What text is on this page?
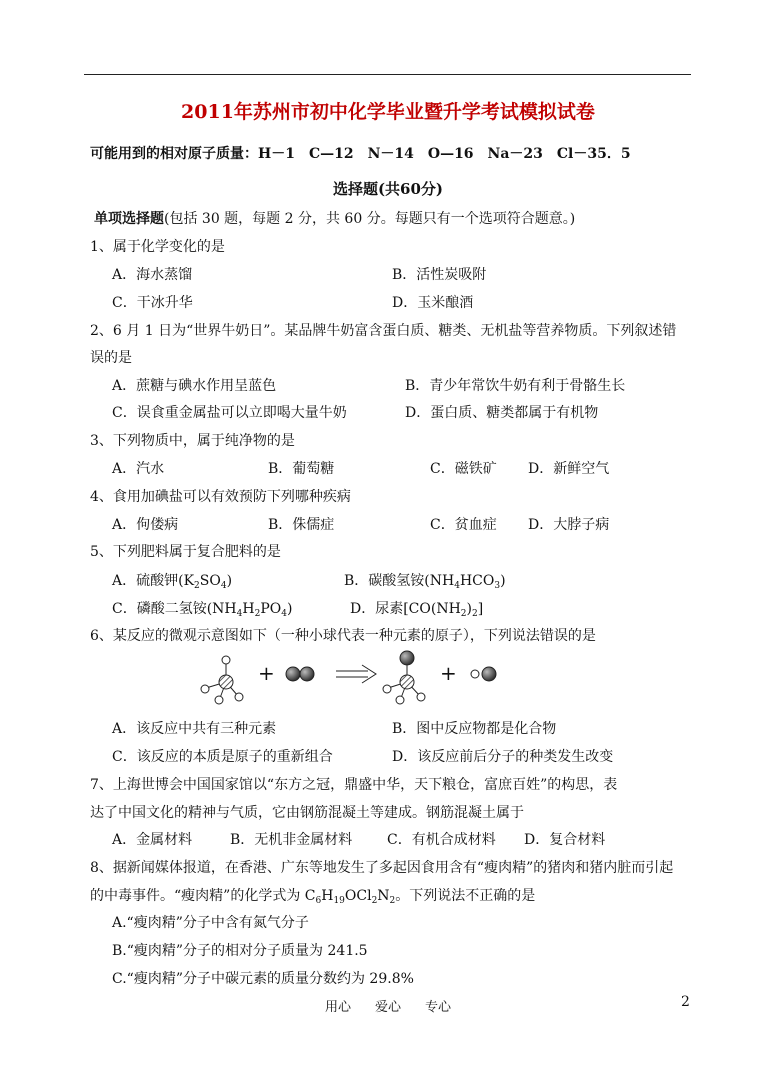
2011年苏州市初中化学毕业暨升学考试模拟试卷
可能用到的相对原子质量：H－1　C—12　N－14　O—16　Na－23　Cl－35．5
选择题(共60分)
单项选择题(包括 30 题，每题 2 分，共 60 分。每题只有一个选项符合题意。)
1、属于化学变化的是
A．海水蒸馏	B．活性炭吸附
C．干冰升华	D．玉米酿酒
2、6 月 1 日为“世界牛奶日”。某品牌牛奶富含蛋白质、糖类、无机盐等营养物质。下列叙述错
误的是
A．蔗糖与碘水作用呈蓝色	B．青少年常饮牛奶有利于骨骼生长
C．误食重金属盐可以立即喝大量牛奶	D．蛋白质、糖类都属于有机物
3、下列物质中，属于纯净物的是
A．汽水	B．葡萄糖	C．磁铁矿 D．新鲜空气
4、食用加碘盐可以有效预防下列哪种疾病
A．佝偻病	B．侏儒症	C．贫血症 D．大脖子病
5、下列肥料属于复合肥料的是
A．硫酸钾$(K_2SO_4)$	B．碳酸氢铵$(NH_4HCO_3)$
C．磷酸二氢铵$(NH_4H_2PO_4)$	D．尿素$[CO(NH_2)_2]$
6、某反应的微观示意图如下（一种小球代表一种元素的原子），下列说法错误的是
+	+
A．该反应中共有三种元素	B．图中反应物都是化合物
C．该反应的本质是原子的重新组合	D．该反应前后分子的种类发生改变
7、上海世博会中国国家馆以“东方之冠，鼎盛中华，天下粮仓，富庶百姓”的构思，表
达了中国文化的精神与气质，它由钢筋混凝土等建成。钢筋混凝土属于
A．金属材料	B．无机非金属材料 C．有机合成材料 D．复合材料
8、据新闻媒体报道，在香港、广东等地发生了多起因食用含有“瘦肉精”的猪肉和猪内脏而引起
的中毒事件。“瘦肉精”的化学式为 $C_6H_{19}OCl_2N_2$。下列说法不正确的是
A.“瘦肉精”分子中含有氮气分子
B.“瘦肉精”分子的相对分子质量为 241.5
C.“瘦肉精”分子中碳元素的质量分数约为 29.8%
用心 爱心 专心	2
